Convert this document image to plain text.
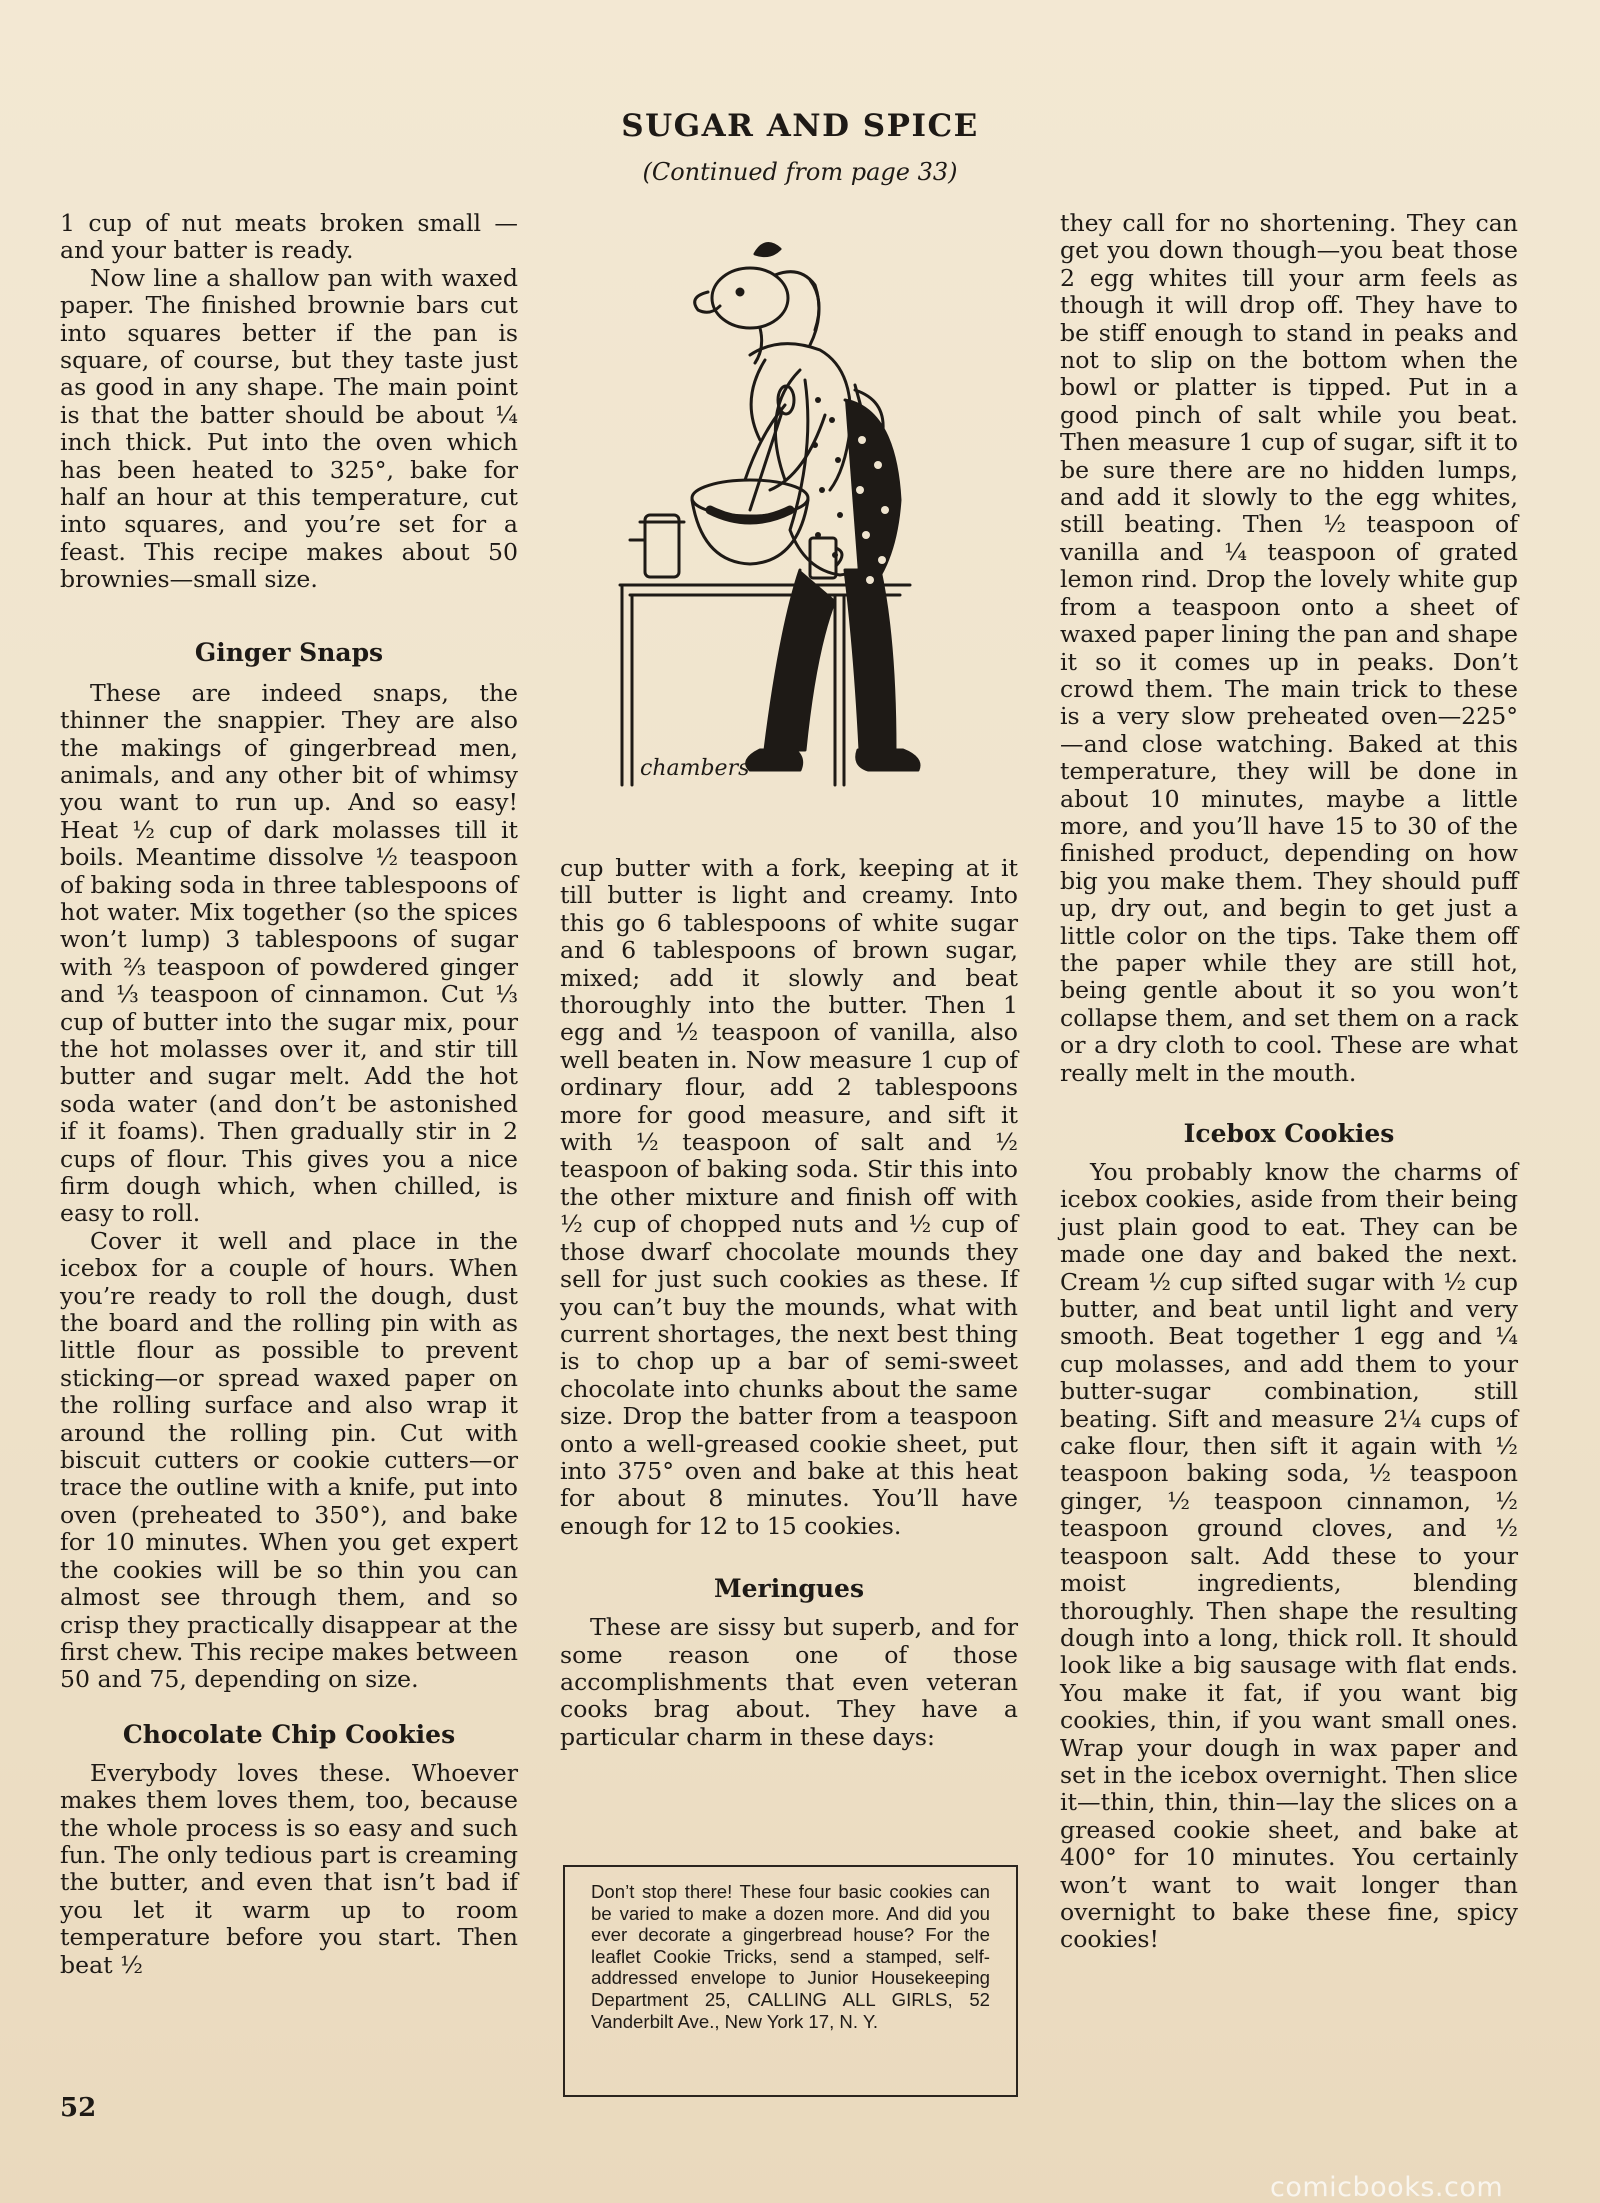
SUGAR AND SPICE
(Continued from page 33)

1 cup of nut meats broken small —and your batter is ready.

Now line a shallow pan with waxed paper. The finished brownie bars cut into squares better if the pan is square, of course, but they taste just as good in any shape. The main point is that the batter should be about ¼ inch thick. Put into the oven which has been heated to 325°, bake for half an hour at this temperature, cut into squares, and you’re set for a feast. This recipe makes about 50 brownies—small size.

Ginger Snaps

These are indeed snaps, the thinner the snappier. They are also the makings of gingerbread men, animals, and any other bit of whimsy you want to run up. And so easy! Heat ½ cup of dark molasses till it boils. Meantime dissolve ½ teaspoon of baking soda in three tablespoons of hot water. Mix together (so the spices won’t lump) 3 tablespoons of sugar with ⅔ teaspoon of powdered ginger and ⅓ teaspoon of cinnamon. Cut ⅓ cup of butter into the sugar mix, pour the hot molasses over it, and stir till butter and sugar melt. Add the hot soda water (and don’t be astonished if it foams). Then gradually stir in 2 cups of flour. This gives you a nice firm dough which, when chilled, is easy to roll.

Cover it well and place in the icebox for a couple of hours. When you’re ready to roll the dough, dust the board and the rolling pin with as little flour as possible to prevent sticking—or spread waxed paper on the rolling surface and also wrap it around the rolling pin. Cut with biscuit cutters or cookie cutters—or trace the outline with a knife, put into oven (preheated to 350°), and bake for 10 minutes. When you get expert the cookies will be so thin you can almost see through them, and so crisp they practically disappear at the first chew. This recipe makes between 50 and 75, depending on size.

Chocolate Chip Cookies

Everybody loves these. Whoever makes them loves them, too, because the whole process is so easy and such fun. The only tedious part is creaming the butter, and even that isn’t bad if you let it warm up to room temperature before you start. Then beat ½

chambers

cup butter with a fork, keeping at it till butter is light and creamy. Into this go 6 tablespoons of white sugar and 6 tablespoons of brown sugar, mixed; add it slowly and beat thoroughly into the butter. Then 1 egg and ½ teaspoon of vanilla, also well beaten in. Now measure 1 cup of ordinary flour, add 2 tablespoons more for good measure, and sift it with ½ teaspoon of salt and ½ teaspoon of baking soda. Stir this into the other mixture and finish off with ½ cup of chopped nuts and ½ cup of those dwarf chocolate mounds they sell for just such cookies as these. If you can’t buy the mounds, what with current shortages, the next best thing is to chop up a bar of semi-sweet chocolate into chunks about the same size. Drop the batter from a teaspoon onto a well-greased cookie sheet, put into 375° oven and bake at this heat for about 8 minutes. You’ll have enough for 12 to 15 cookies.

Meringues

These are sissy but superb, and for some reason one of those accomplishments that even veteran cooks brag about. They have a particular charm in these days:

Don’t stop there! These four basic cookies can be varied to make a dozen more. And did you ever decorate a gingerbread house? For the leaflet Cookie Tricks, send a stamped, self-addressed envelope to Junior Housekeeping Department 25, CALLING ALL GIRLS, 52 Vanderbilt Ave., New York 17, N. Y.

they call for no shortening. They can get you down though—you beat those 2 egg whites till your arm feels as though it will drop off. They have to be stiff enough to stand in peaks and not to slip on the bottom when the bowl or platter is tipped. Put in a good pinch of salt while you beat. Then measure 1 cup of sugar, sift it to be sure there are no hidden lumps, and add it slowly to the egg whites, still beating. Then ½ teaspoon of vanilla and ¼ teaspoon of grated lemon rind. Drop the lovely white gup from a teaspoon onto a sheet of waxed paper lining the pan and shape it so it comes up in peaks. Don’t crowd them. The main trick to these is a very slow preheated oven—225°—and close watching. Baked at this temperature, they will be done in about 10 minutes, maybe a little more, and you’ll have 15 to 30 of the finished product, depending on how big you make them. They should puff up, dry out, and begin to get just a little color on the tips. Take them off the paper while they are still hot, being gentle about it so you won’t collapse them, and set them on a rack or a dry cloth to cool. These are what really melt in the mouth.

Icebox Cookies

You probably know the charms of icebox cookies, aside from their being just plain good to eat. They can be made one day and baked the next. Cream ½ cup sifted sugar with ½ cup butter, and beat until light and very smooth. Beat together 1 egg and ¼ cup molasses, and add them to your butter-sugar combination, still beating. Sift and measure 2¼ cups of cake flour, then sift it again with ½ teaspoon baking soda, ½ teaspoon ginger, ½ teaspoon cinnamon, ½ teaspoon ground cloves, and ½ teaspoon salt. Add these to your moist ingredients, blending thoroughly. Then shape the resulting dough into a long, thick roll. It should look like a big sausage with flat ends. You make it fat, if you want big cookies, thin, if you want small ones. Wrap your dough in wax paper and set in the icebox overnight. Then slice it—thin, thin, thin—lay the slices on a greased cookie sheet, and bake at 400° for 10 minutes. You certainly won’t want to wait longer than overnight to bake these fine, spicy cookies!

52
comicbooks.com
